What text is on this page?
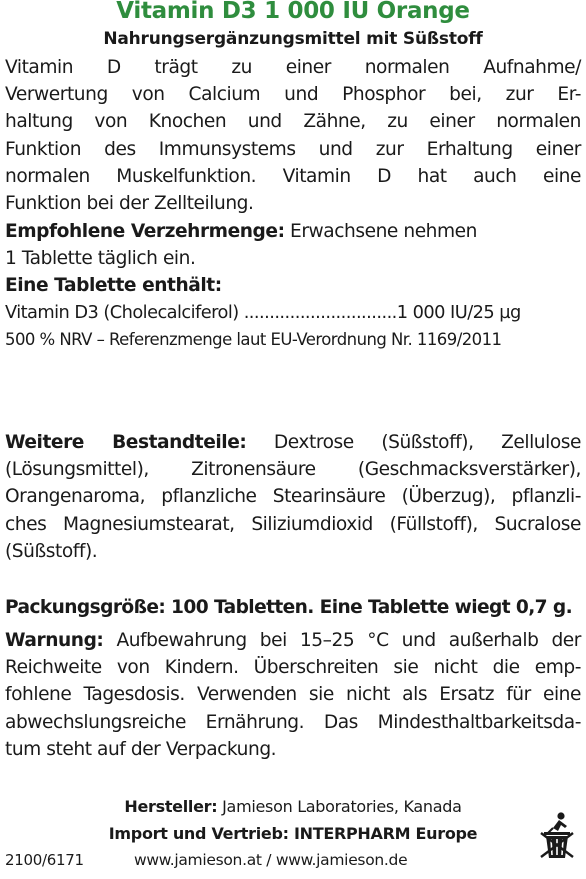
Vitamin D3 1 000 IU Orange
Nahrungsergänzungsmittel mit Süßstoff
Vitamin D trägt zu einer normalen Aufnahme/
Verwertung von Calcium und Phosphor bei, zur Er-
haltung von Knochen und Zähne, zu einer normalen
Funktion des Immunsystems und zur Erhaltung einer
normalen Muskelfunktion. Vitamin D hat auch eine
Funktion bei der Zellteilung.
Empfohlene Verzehrmenge: Erwachsene nehmen
1 Tablette täglich ein.
Eine Tablette enthält:
Vitamin D3 (Cholecalciferol) ..............................1 000 IU/25 µg
500 % NRV – Referenzmenge laut EU-Verordnung Nr. 1169/2011
Weitere Bestandteile: Dextrose (Süßstoff), Zellulose
(Lösungsmittel), Zitronensäure (Geschmacksverstärker),
Orangenaroma, pflanzliche Stearinsäure (Überzug), pflanzli-
ches Magnesiumstearat, Siliziumdioxid (Füllstoff), Sucralose
(Süßstoff).
Packungsgröße: 100 Tabletten. Eine Tablette wiegt 0,7 g.
Warnung: Aufbewahrung bei 15–25 °C und außerhalb der
Reichweite von Kindern. Überschreiten sie nicht die emp-
fohlene Tagesdosis. Verwenden sie nicht als Ersatz für eine
abwechslungsreiche Ernährung. Das Mindesthaltbarkeitsda-
tum steht auf der Verpackung.
Hersteller: Jamieson Laboratories, Kanada
Import und Vertrieb: INTERPHARM Europe
2100/6171	www.jamieson.at / www.jamieson.de
